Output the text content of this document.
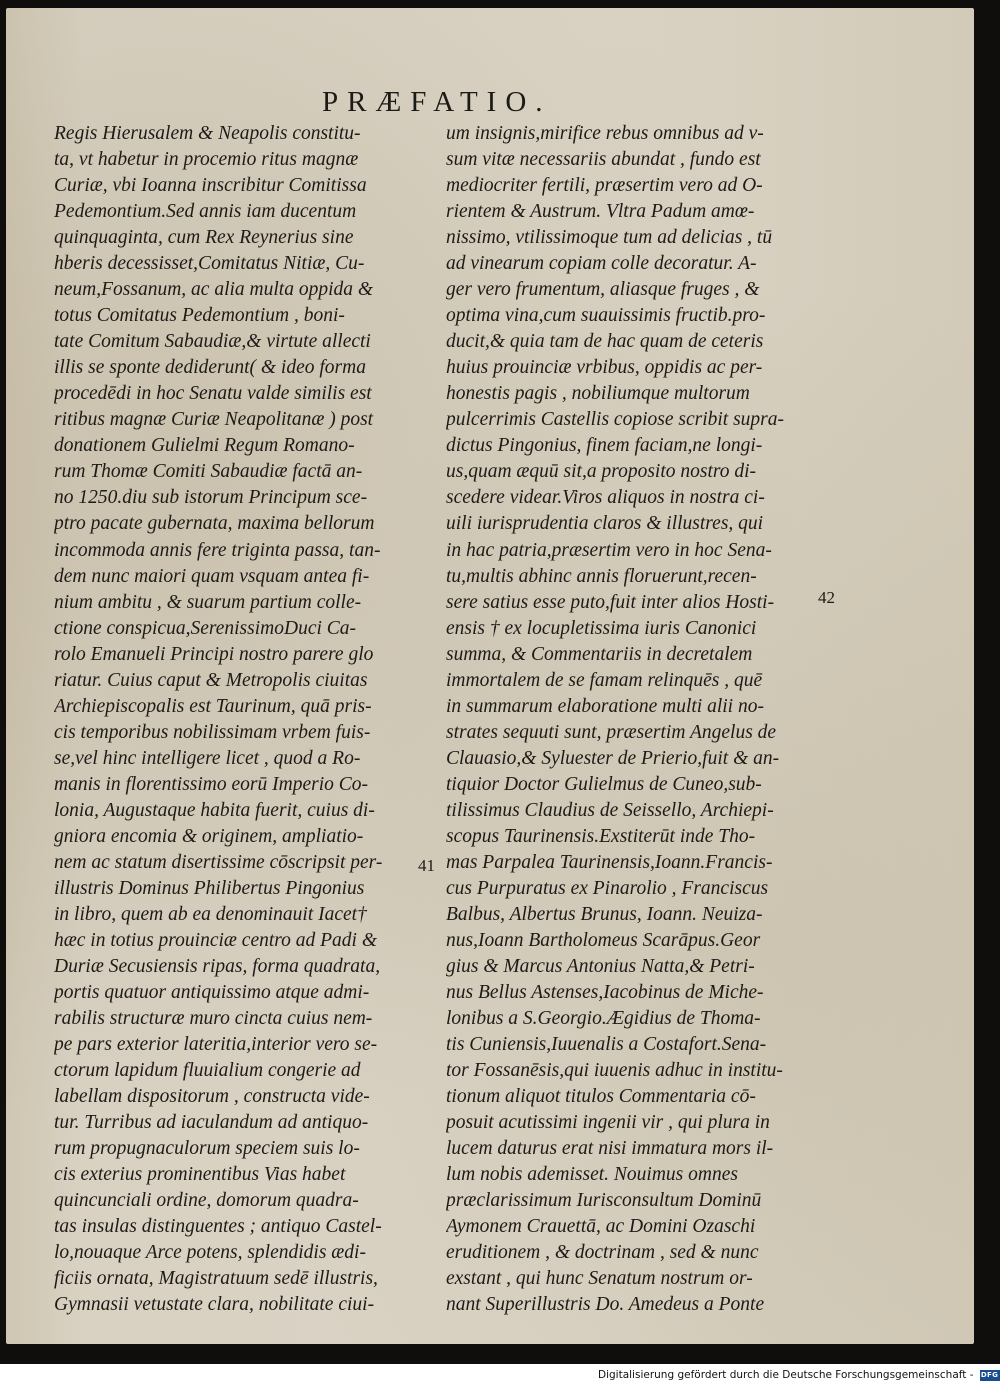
PRÆFATIO.
Regis Hierusalem & Neapolis constitu-
ta, vt habetur in procemio ritus magnæ
Curiæ, vbi Ioanna inscribitur Comitissa
Pedemontium.Sed annis iam ducentum
quinquaginta, cum Rex Reynerius sine
hberis decessisset,Comitatus Nitiæ, Cu-
neum,Fossanum, ac alia multa oppida &
totus Comitatus Pedemontium , boni-
tate Comitum Sabaudiæ,& virtute allecti
illis se sponte dediderunt( & ideo forma
procedēdi in hoc Senatu valde similis est
ritibus magnæ Curiæ Neapolitanæ ) post
donationem Gulielmi Regum Romano-
rum Thomæ Comiti Sabaudiæ factā an-
no 1250.diu sub istorum Principum sce-
ptro pacate gubernata, maxima bellorum
incommoda annis fere triginta passa, tan-
dem nunc maiori quam vsquam antea fi-
nium ambitu , & suarum partium colle-
ctione conspicua,SerenissimoDuci Ca-
rolo Emanueli Principi nostro parere glo
riatur. Cuius caput & Metropolis ciuitas
Archiepiscopalis est Taurinum, quā pris-
cis temporibus nobilissimam vrbem fuis-
se,vel hinc intelligere licet , quod a Ro-
manis in florentissimo eorū Imperio Co-
lonia, Augustaque habita fuerit, cuius di-
gniora encomia & originem, ampliatio-
nem ac statum disertissime cōscripsit per-
illustris Dominus Philibertus Pingonius
in libro, quem ab ea denominauit Iacet†
hæc in totius prouinciæ centro ad Padi &
Duriæ Secusiensis ripas, forma quadrata,
portis quatuor antiquissimo atque admi-
rabilis structuræ muro cincta cuius nem-
pe pars exterior lateritia,interior vero se-
ctorum lapidum fluuialium congerie ad
labellam dispositorum , constructa vide-
tur. Turribus ad iaculandum ad antiquo-
rum propugnaculorum speciem suis lo-
cis exterius prominentibus Vias habet
quincunciali ordine, domorum quadra-
tas insulas distinguentes ; antiquo Castel-
lo,nouaque Arce potens, splendidis ædi-
ficiis ornata, Magistratuum sedē illustris,
Gymnasii vetustate clara, nobilitate ciui-
um insignis,mirifice rebus omnibus ad v-
sum vitæ necessariis abundat , fundo est
mediocriter fertili, præsertim vero ad O-
rientem & Austrum. Vltra Padum amœ-
nissimo, vtilissimoque tum ad delicias , tū
ad vinearum copiam colle decoratur. A-
ger vero frumentum, aliasque fruges , &
optima vina,cum suauissimis fructib.pro-
ducit,& quia tam de hac quam de ceteris
huius prouinciæ vrbibus, oppidis ac per-
honestis pagis , nobiliumque multorum
pulcerrimis Castellis copiose scribit supra-
dictus Pingonius, finem faciam,ne longi-
us,quam æquū sit,a proposito nostro di-
scedere videar.Viros aliquos in nostra ci-
uili iurisprudentia claros & illustres, qui
in hac patria,præsertim vero in hoc Sena-
tu,multis abhinc annis floruerunt,recen-
sere satius esse puto,fuit inter alios Hosti-
ensis † ex locupletissima iuris Canonici
summa, & Commentariis in decretalem
immortalem de se famam relinquēs , quē
in summarum elaboratione multi alii no-
strates sequuti sunt, præsertim Angelus de
Clauasio,& Syluester de Prierio,fuit & an-
tiquior Doctor Gulielmus de Cuneo,sub-
tilissimus Claudius de Seissello, Archiepi-
scopus Taurinensis.Exstiterūt inde Tho-
mas Parpalea Taurinensis,Ioann.Francis-
cus Purpuratus ex Pinarolio , Franciscus
Balbus, Albertus Brunus, Ioann. Neuiza-
nus,Ioann Bartholomeus Scarāpus.Geor
gius & Marcus Antonius Natta,& Petri-
nus Bellus Astenses,Iacobinus de Miche-
lonibus a S.Georgio.Ægidius de Thoma-
tis Cuniensis,Iuuenalis a Costafort.Sena-
tor Fossanēsis,qui iuuenis adhuc in institu-
tionum aliquot titulos Commentaria cō-
posuit acutissimi ingenii vir , qui plura in
lucem daturus erat nisi immatura mors il-
lum nobis ademisset. Nouimus omnes
præclarissimum Iurisconsultum Dominū
Aymonem Crauettā, ac Domini Ozaschi
eruditionem , & doctrinam , sed & nunc
exstant , qui hunc Senatum nostrum or-
nant Superillustris Do. Amedeus a Ponte
41
42
Digitalisierung gefördert durch die Deutsche Forschungsgemeinschaft - DFG
